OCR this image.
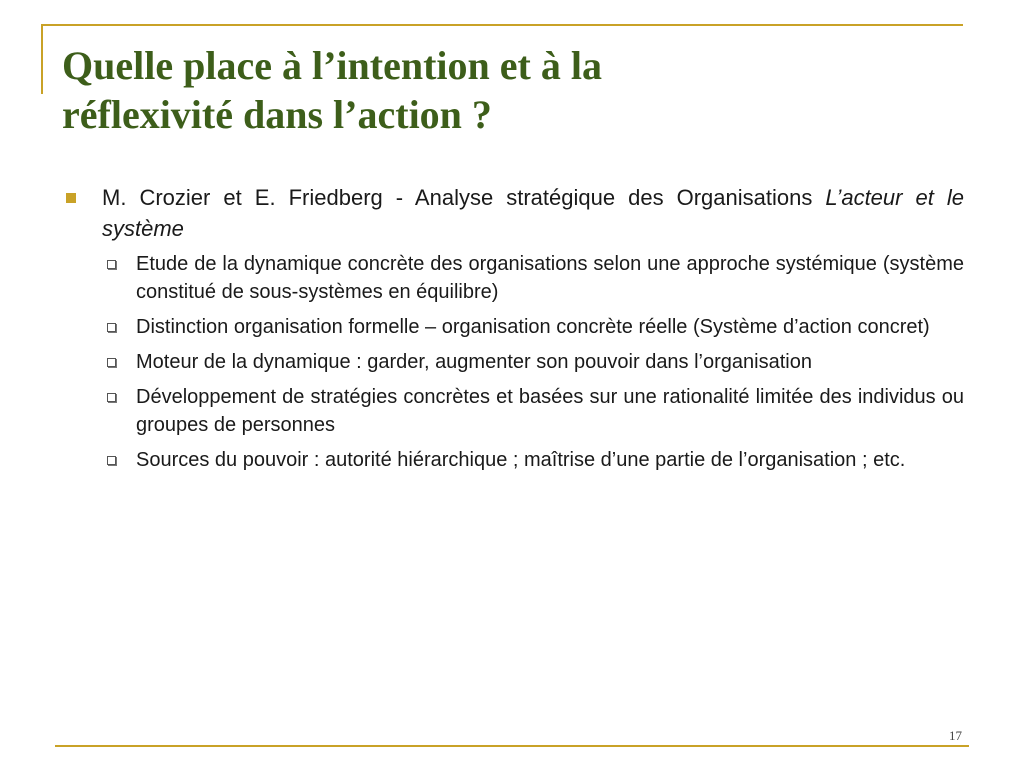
Quelle place à l’intention et à la
réflexivité dans l’action ?
M. Crozier et E. Friedberg - Analyse stratégique des Organisations L’acteur et le système
Etude de la dynamique concrète des organisations selon une approche systémique (système constitué de sous-systèmes en équilibre)
Distinction organisation formelle – organisation concrète réelle (Système d’action concret)
Moteur de la dynamique : garder, augmenter son pouvoir dans l’organisation
Développement de stratégies concrètes et basées sur une rationalité limitée des individus ou groupes de personnes
Sources du pouvoir : autorité hiérarchique ; maîtrise d’une partie de l’organisation ; etc.
17
